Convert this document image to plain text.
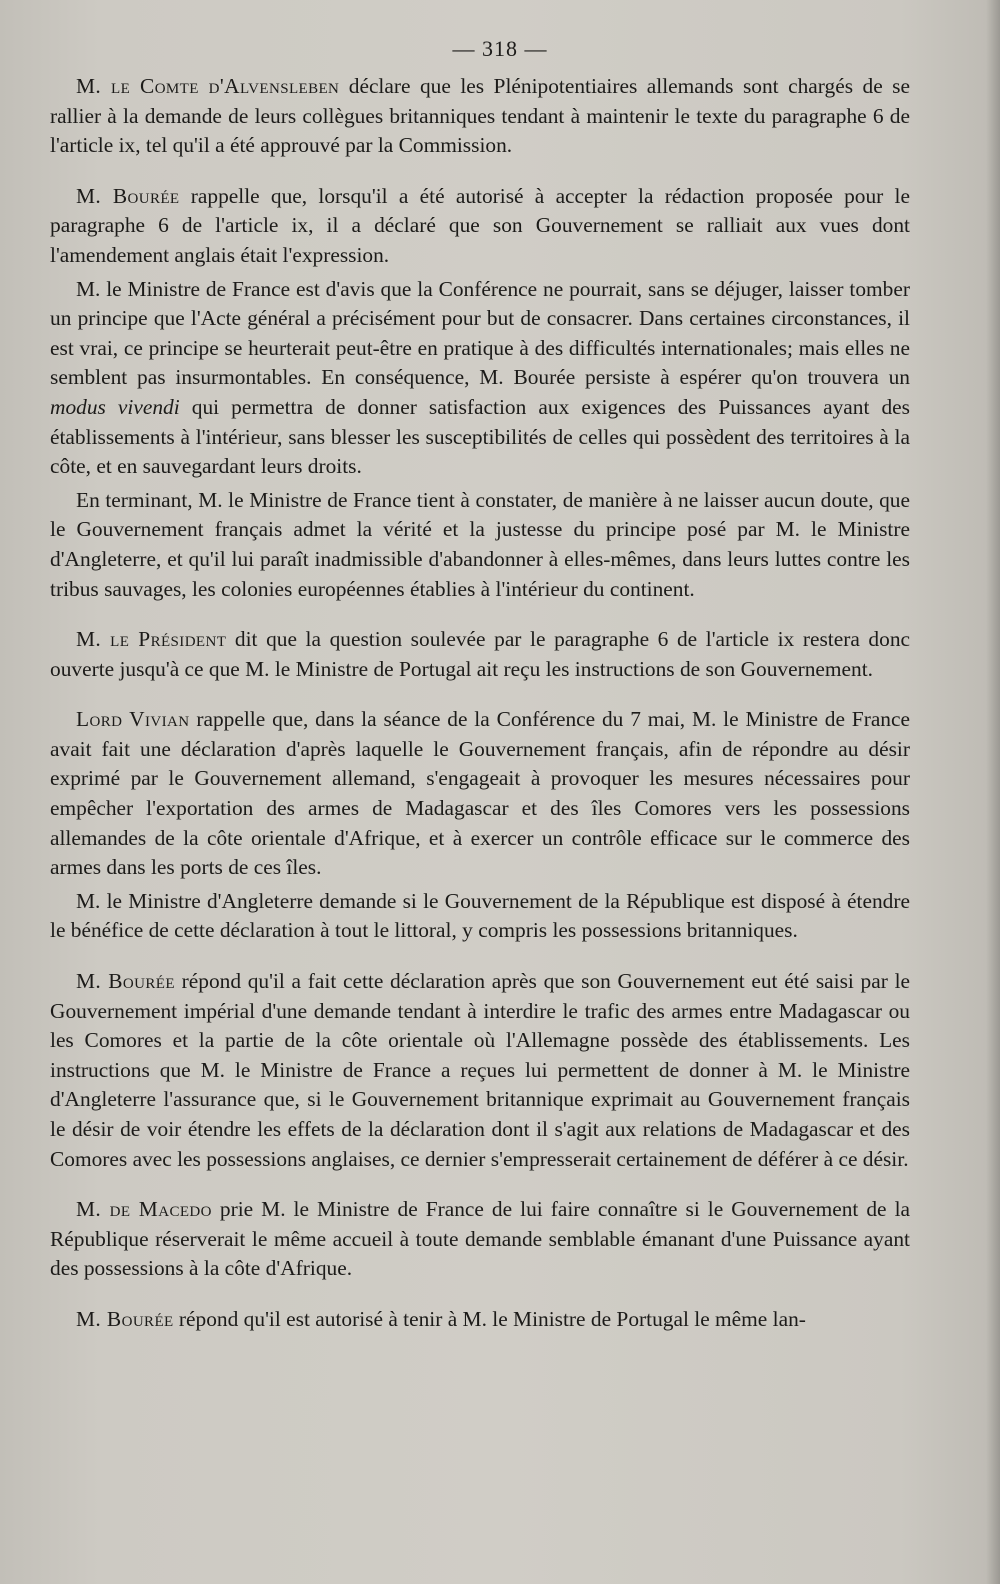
— 318 —

M. le Comte d'Alvensleben déclare que les Plénipotentiaires allemands sont chargés de se rallier à la demande de leurs collègues britanniques tendant à maintenir le texte du paragraphe 6 de l'article ix, tel qu'il a été approuvé par la Commission.

M. Bourée rappelle que, lorsqu'il a été autorisé à accepter la rédaction proposée pour le paragraphe 6 de l'article ix, il a déclaré que son Gouvernement se ralliait aux vues dont l'amendement anglais était l'expression.

M. le Ministre de France est d'avis que la Conférence ne pourrait, sans se déjuger, laisser tomber un principe que l'Acte général a précisément pour but de consacrer. Dans certaines circonstances, il est vrai, ce principe se heurterait peut-être en pratique à des difficultés internationales; mais elles ne semblent pas insurmontables. En conséquence, M. Bourée persiste à espérer qu'on trouvera un modus vivendi qui permettra de donner satisfaction aux exigences des Puissances ayant des établissements à l'intérieur, sans blesser les susceptibilités de celles qui possèdent des territoires à la côte, et en sauvegardant leurs droits.

En terminant, M. le Ministre de France tient à constater, de manière à ne laisser aucun doute, que le Gouvernement français admet la vérité et la justesse du principe posé par M. le Ministre d'Angleterre, et qu'il lui paraît inadmissible d'abandonner à elles-mêmes, dans leurs luttes contre les tribus sauvages, les colonies européennes établies à l'intérieur du continent.

M. le Président dit que la question soulevée par le paragraphe 6 de l'article ix restera donc ouverte jusqu'à ce que M. le Ministre de Portugal ait reçu les instructions de son Gouvernement.

Lord Vivian rappelle que, dans la séance de la Conférence du 7 mai, M. le Ministre de France avait fait une déclaration d'après laquelle le Gouvernement français, afin de répondre au désir exprimé par le Gouvernement allemand, s'engageait à provoquer les mesures nécessaires pour empêcher l'exportation des armes de Madagascar et des îles Comores vers les possessions allemandes de la côte orientale d'Afrique, et à exercer un contrôle efficace sur le commerce des armes dans les ports de ces îles.

M. le Ministre d'Angleterre demande si le Gouvernement de la République est disposé à étendre le bénéfice de cette déclaration à tout le littoral, y compris les possessions britanniques.

M. Bourée répond qu'il a fait cette déclaration après que son Gouvernement eut été saisi par le Gouvernement impérial d'une demande tendant à interdire le trafic des armes entre Madagascar ou les Comores et la partie de la côte orientale où l'Allemagne possède des établissements. Les instructions que M. le Ministre de France a reçues lui permettent de donner à M. le Ministre d'Angleterre l'assurance que, si le Gouvernement britannique exprimait au Gouvernement français le désir de voir étendre les effets de la déclaration dont il s'agit aux relations de Madagascar et des Comores avec les possessions anglaises, ce dernier s'empresserait certainement de déférer à ce désir.

M. de Macedo prie M. le Ministre de France de lui faire connaître si le Gouvernement de la République réserverait le même accueil à toute demande semblable émanant d'une Puissance ayant des possessions à la côte d'Afrique.

M. Bourée répond qu'il est autorisé à tenir à M. le Ministre de Portugal le même lan-
